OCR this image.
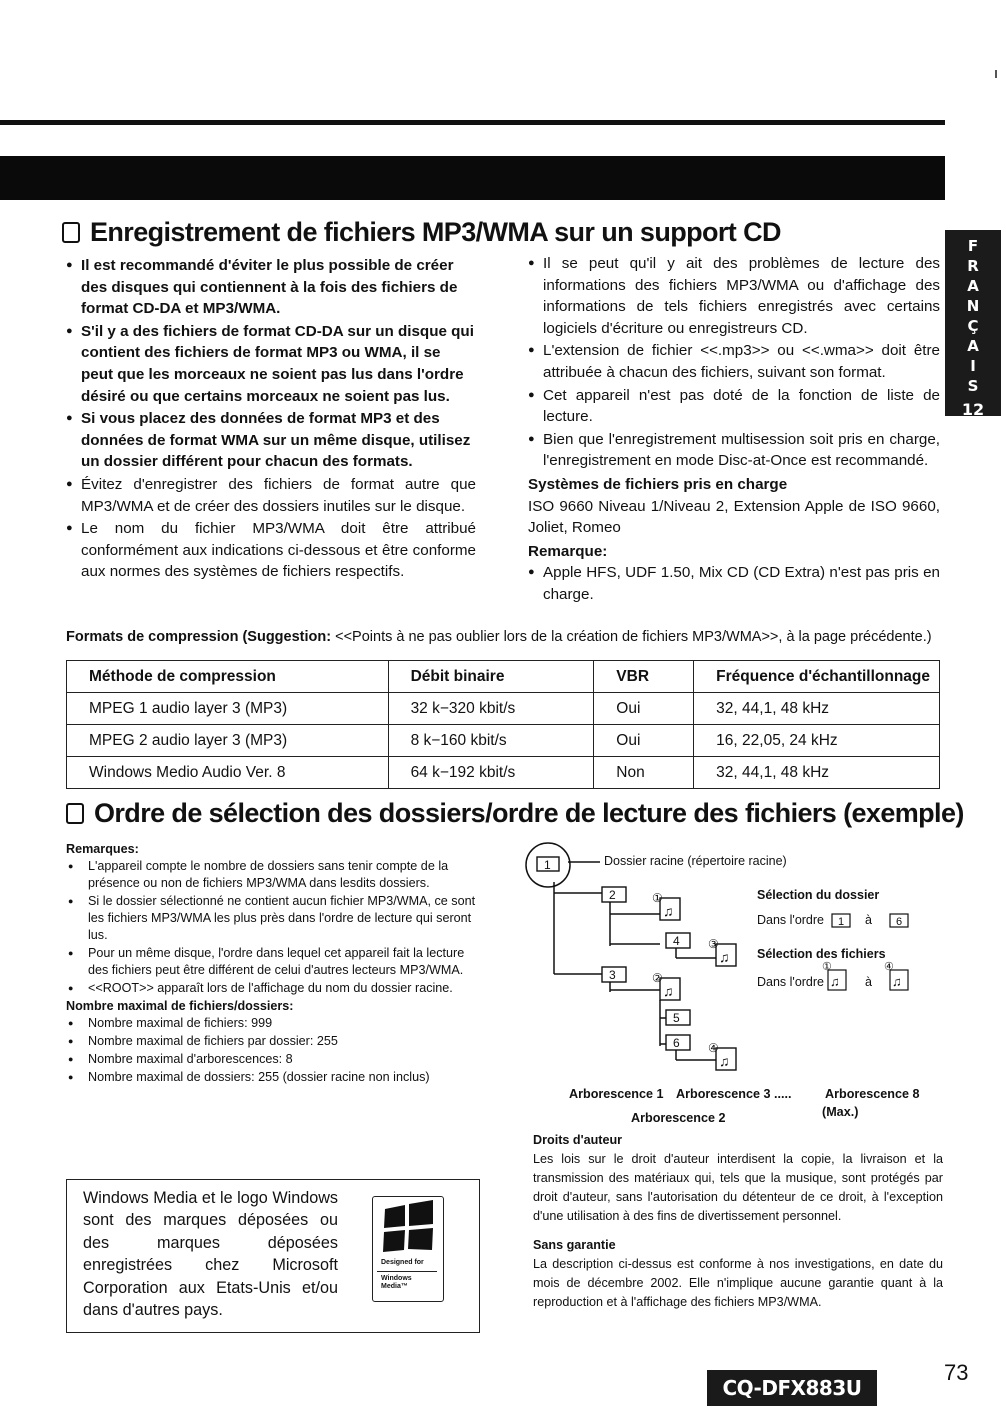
F
R
A
N
Ç
A
I
S
12
Enregistrement de fichiers MP3/WMA sur un support CD
● Il est recommandé d'éviter le plus possible de créer des disques qui contiennent à la fois des fichiers de format CD-DA et MP3/WMA.
● S'il y a des fichiers de format CD-DA sur un disque qui contient des fichiers de format MP3 ou WMA, il se peut que les morceaux ne soient pas lus dans l'ordre désiré ou que certains morceaux ne soient pas lus.
● Si vous placez des données de format MP3 et des données de format WMA sur un même disque, utilisez un dossier différent pour chacun des formats.
● Évitez d'enregistrer des fichiers de format autre que MP3/WMA et de créer des dossiers inutiles sur le disque.
● Le nom du fichier MP3/WMA doit être attribué conformément aux indications ci-dessous et être conforme aux normes des systèmes de fichiers respectifs.
● Il se peut qu'il y ait des problèmes de lecture des informations des fichiers MP3/WMA ou d'affichage des informations de tels fichiers enregistrés avec certains logiciels d'écriture ou enregistreurs CD.
● L'extension de fichier <<.mp3>> ou <<.wma>> doit être attribuée à chacun des fichiers, suivant son format.
● Cet appareil n'est pas doté de la fonction de liste de lecture.
● Bien que l'enregistrement multisession soit pris en charge, l'enregistrement en mode Disc-at-Once est recommandé.
Systèmes de fichiers pris en charge
ISO 9660 Niveau 1/Niveau 2, Extension Apple de ISO 9660, Joliet, Romeo
Remarque:
● Apple HFS, UDF 1.50, Mix CD (CD Extra) n'est pas pris en charge.
Formats de compression (Suggestion: <<Points à ne pas oublier lors de la création de fichiers MP3/WMA>>, à la page précédente.)
Méthode de compression	Débit binaire	VBR	Fréquence d'échantillonnage
MPEG 1 audio layer 3 (MP3)	32 k−320 kbit/s	Oui	32, 44,1, 48 kHz
MPEG 2 audio layer 3 (MP3)	8 k−160 kbit/s	Oui	16, 22,05, 24 kHz
Windows Medio Audio Ver. 8	64 k−192 kbit/s	Non	32, 44,1, 48 kHz
Ordre de sélection des dossiers/ordre de lecture des fichiers (exemple)
Remarques:
● L'appareil compte le nombre de dossiers sans tenir compte de la présence ou non de fichiers MP3/WMA dans lesdits dossiers.
● Si le dossier sélectionné ne contient aucun fichier MP3/WMA, ce sont les fichiers MP3/WMA les plus près dans l'ordre de lecture qui seront lus.
● Pour un même disque, l'ordre dans lequel cet appareil fait la lecture des fichiers peut être différent de celui d'autres lecteurs MP3/WMA.
● <<ROOT>> apparaît lors de l'affichage du nom du dossier racine.
Nombre maximal de fichiers/dossiers:
● Nombre maximal de fichiers: 999
● Nombre maximal de fichiers par dossier: 255
● Nombre maximal d'arborescences: 8
● Nombre maximal de dossiers: 255 (dossier racine non inclus)
Windows Media et le logo Windows sont des marques déposées ou des marques déposées enregistrées chez Microsoft Corporation aux Etats-Unis et/ou dans d'autres pays.
Designed for
Windows
Media™
1
2
3
4
5
6
♫
①
♫
②
♫
③
♫
④
Dossier racine (répertoire racine)
Sélection du dossier
Dans l'ordre 1	6
à
Sélection des fichiers
Dans l'ordre ♫	♫
à
④
①
Arborescence 1 Arborescence 3 .....	Arborescence 8
Arborescence 2	(Max.)
Droits d'auteur
Les lois sur le droit d'auteur interdisent la copie, la livraison et la transmission des matériaux qui, tels que la musique, sont protégés par droit d'auteur, sans l'autorisation du détenteur de ce droit, à l'exception d'une utilisation à des fins de divertissement personnel.
Sans garantie
La description ci-dessus est conforme à nos investigations, en date du mois de décembre 2002. Elle n'implique aucune garantie quant à la reproduction et à l'affichage des fichiers MP3/WMA.
73
CQ-DFX883U
